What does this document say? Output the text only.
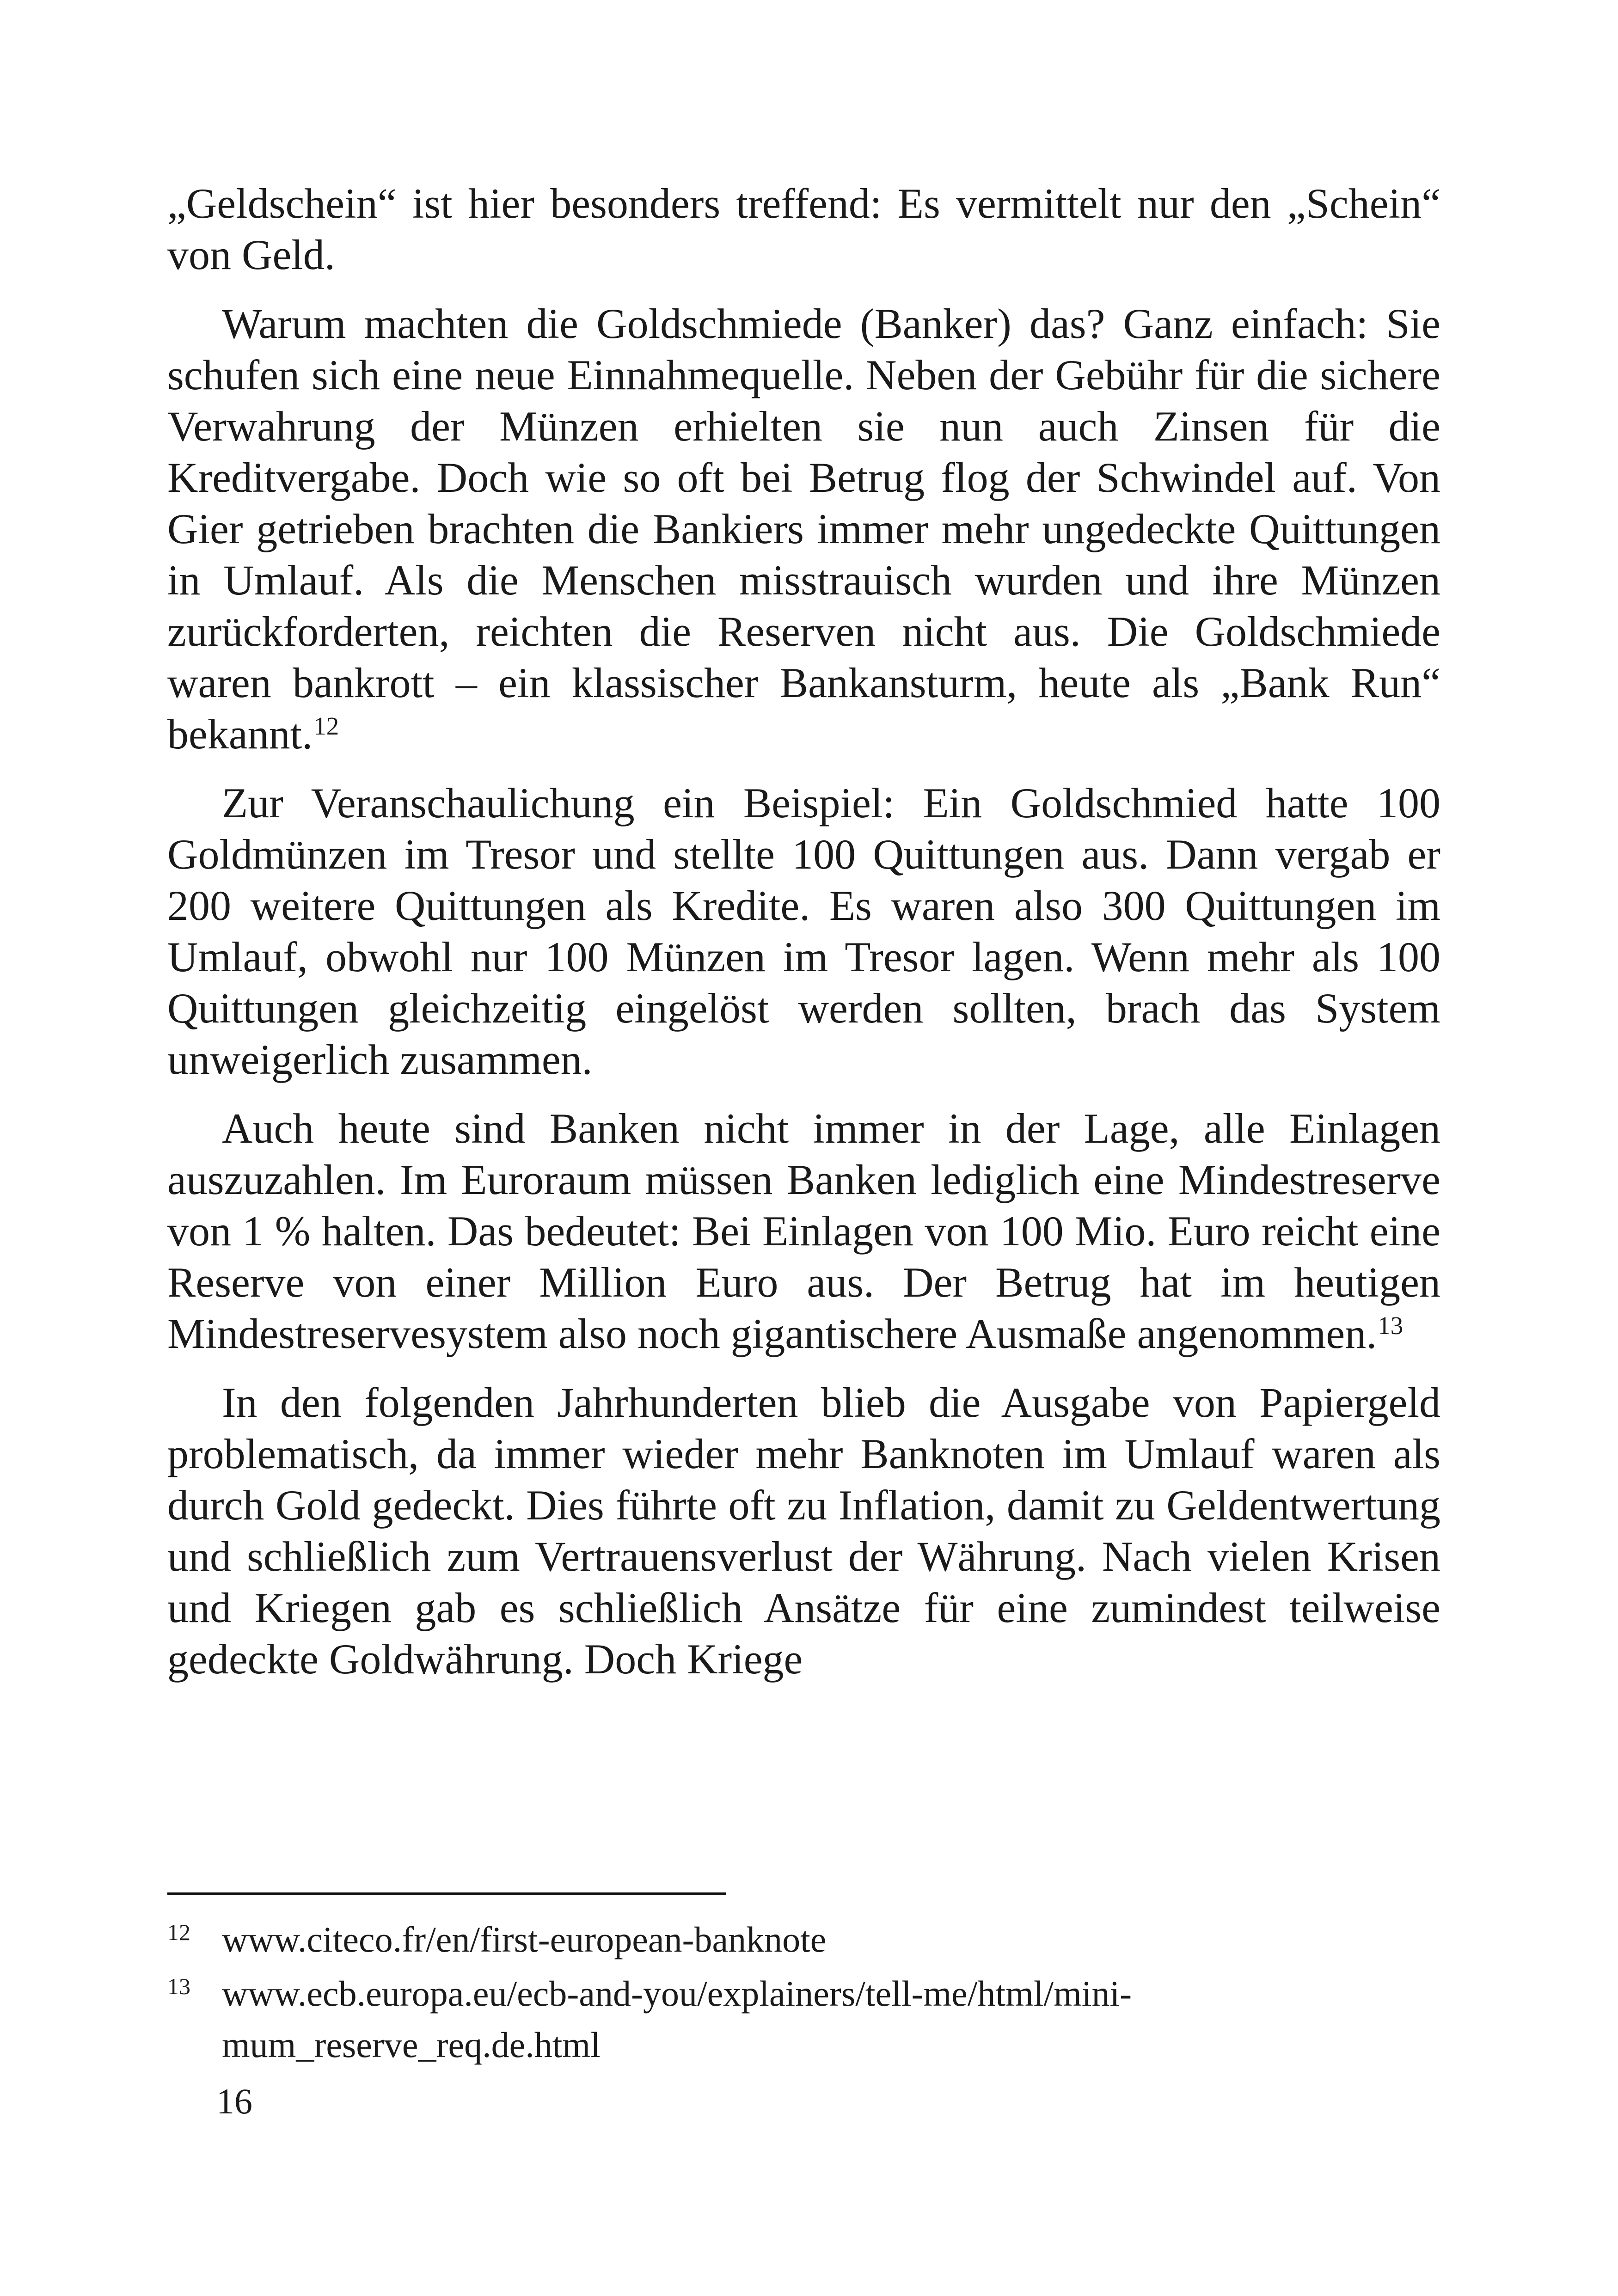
„Geldschein“ ist hier besonders treffend: Es vermittelt nur den „Schein“ von Geld.

Warum machten die Goldschmiede (Banker) das? Ganz einfach: Sie schufen sich eine neue Einnahmequelle. Neben der Gebühr für die sichere Verwahrung der Münzen erhielten sie nun auch Zinsen für die Kreditvergabe. Doch wie so oft bei Betrug flog der Schwindel auf. Von Gier getrieben brachten die Bankiers immer mehr ungedeckte Quittungen in Umlauf. Als die Menschen misstrauisch wurden und ihre Münzen zurückforderten, reichten die Reserven nicht aus. Die Goldschmiede waren bankrott – ein klassischer Bankansturm, heute als „Bank Run“ bekannt.$^{12}$

Zur Veranschaulichung ein Beispiel: Ein Goldschmied hatte 100 Goldmünzen im Tresor und stellte 100 Quittungen aus. Dann vergab er 200 weitere Quittungen als Kredite. Es waren also 300 Quittungen im Umlauf, obwohl nur 100 Münzen im Tresor lagen. Wenn mehr als 100 Quittungen gleichzeitig eingelöst werden sollten, brach das System unweigerlich zusammen.

Auch heute sind Banken nicht immer in der Lage, alle Einlagen auszuzahlen. Im Euroraum müssen Banken lediglich eine Mindestreserve von 1 % halten. Das bedeutet: Bei Einlagen von 100 Mio. Euro reicht eine Reserve von einer Million Euro aus. Der Betrug hat im heutigen Mindestreservesystem also noch gigantischere Ausmaße angenommen.$^{13}$

In den folgenden Jahrhunderten blieb die Ausgabe von Papiergeld problematisch, da immer wieder mehr Banknoten im Umlauf waren als durch Gold gedeckt. Dies führte oft zu Inflation, damit zu Geldentwertung und schließlich zum Vertrauensverlust der Währung. Nach vielen Krisen und Kriegen gab es schließlich Ansätze für eine zumindest teilweise gedeckte Goldwährung. Doch Kriege

12 www.citeco.fr/en/first-european-banknote
13 www.ecb.europa.eu/ecb-and-you/explainers/tell-me/html/minimum_reserve_req.de.html
16
